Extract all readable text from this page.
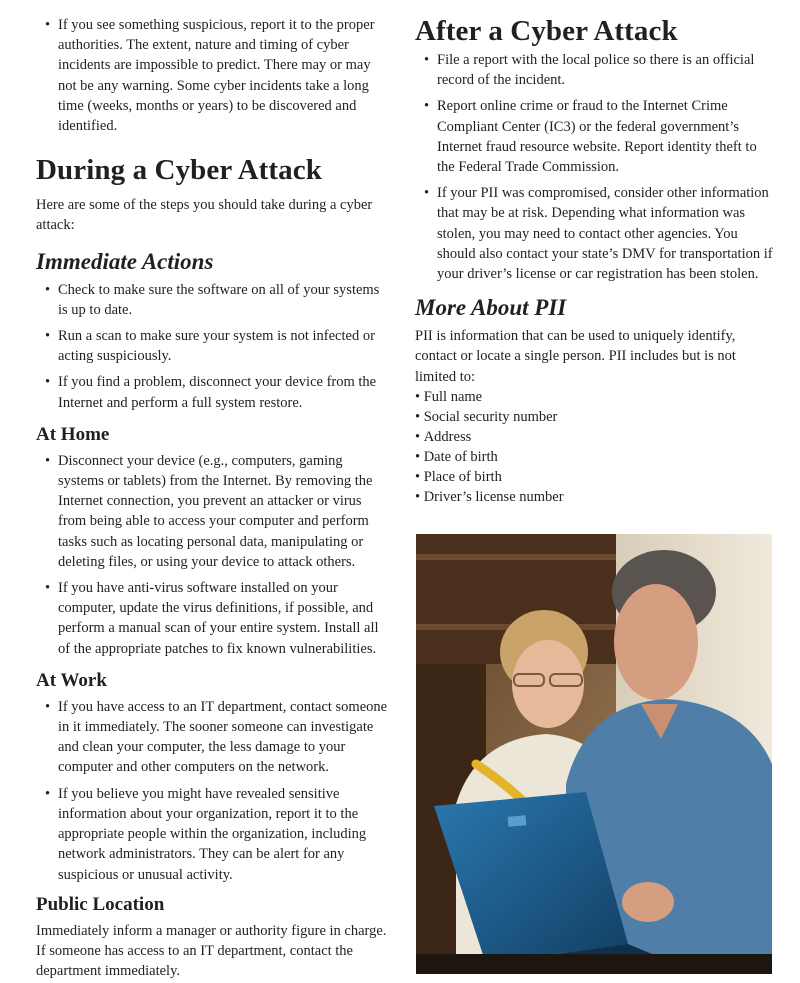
• If you see something suspicious, report it to the proper authorities. The extent, nature and timing of cyber incidents are impossible to predict. There may or may not be any warning. Some cyber incidents take a long time (weeks, months or years) to be discovered and identified.
During a Cyber Attack

Here are some of the steps you should take during a cyber attack:

Immediate Actions
• Check to make sure the software on all of your systems is up to date.
• Run a scan to make sure your system is not infected or acting suspiciously.
• If you find a problem, disconnect your device from the Internet and perform a full system restore.
At Home
• Disconnect your device (e.g., computers, gaming systems or tablets) from the Internet. By removing the Internet connection, you prevent an attacker or virus from being able to access your computer and perform tasks such as locating personal data, manipulating or deleting files, or using your device to attack others.
• If you have anti-virus software installed on your computer, update the virus definitions, if possible, and perform a manual scan of your entire system. Install all of the appropriate patches to fix known vulnerabilities.
At Work
• If you have access to an IT department, contact someone in it immediately. The sooner someone can investigate and clean your computer, the less damage to your computer and other computers on the network.
• If you believe you might have revealed sensitive information about your organization, report it to the appropriate people within the organization, including network administrators. They can be alert for any suspicious or unusual activity.
Public Location

Immediately inform a manager or authority figure in charge. If someone has access to an IT department, contact the department immediately.

After a Cyber Attack
• File a report with the local police so there is an official record of the incident.
• Report online crime or fraud to the Internet Crime Compliant Center (IC3) or the federal government’s Internet fraud resource website. Report identity theft to the Federal Trade Commission.
• If your PII was compromised, consider other information that may be at risk. Depending what information was stolen, you may need to contact other agencies. You should also contact your state’s DMV for transportation if your driver’s license or car registration has been stolen.
More About PII

PII is information that can be used to uniquely identify, contact or locate a single person. PII includes but is not limited to:

• Full name
• Social security number
• Address
• Date of birth
• Place of birth
• Driver’s license number
